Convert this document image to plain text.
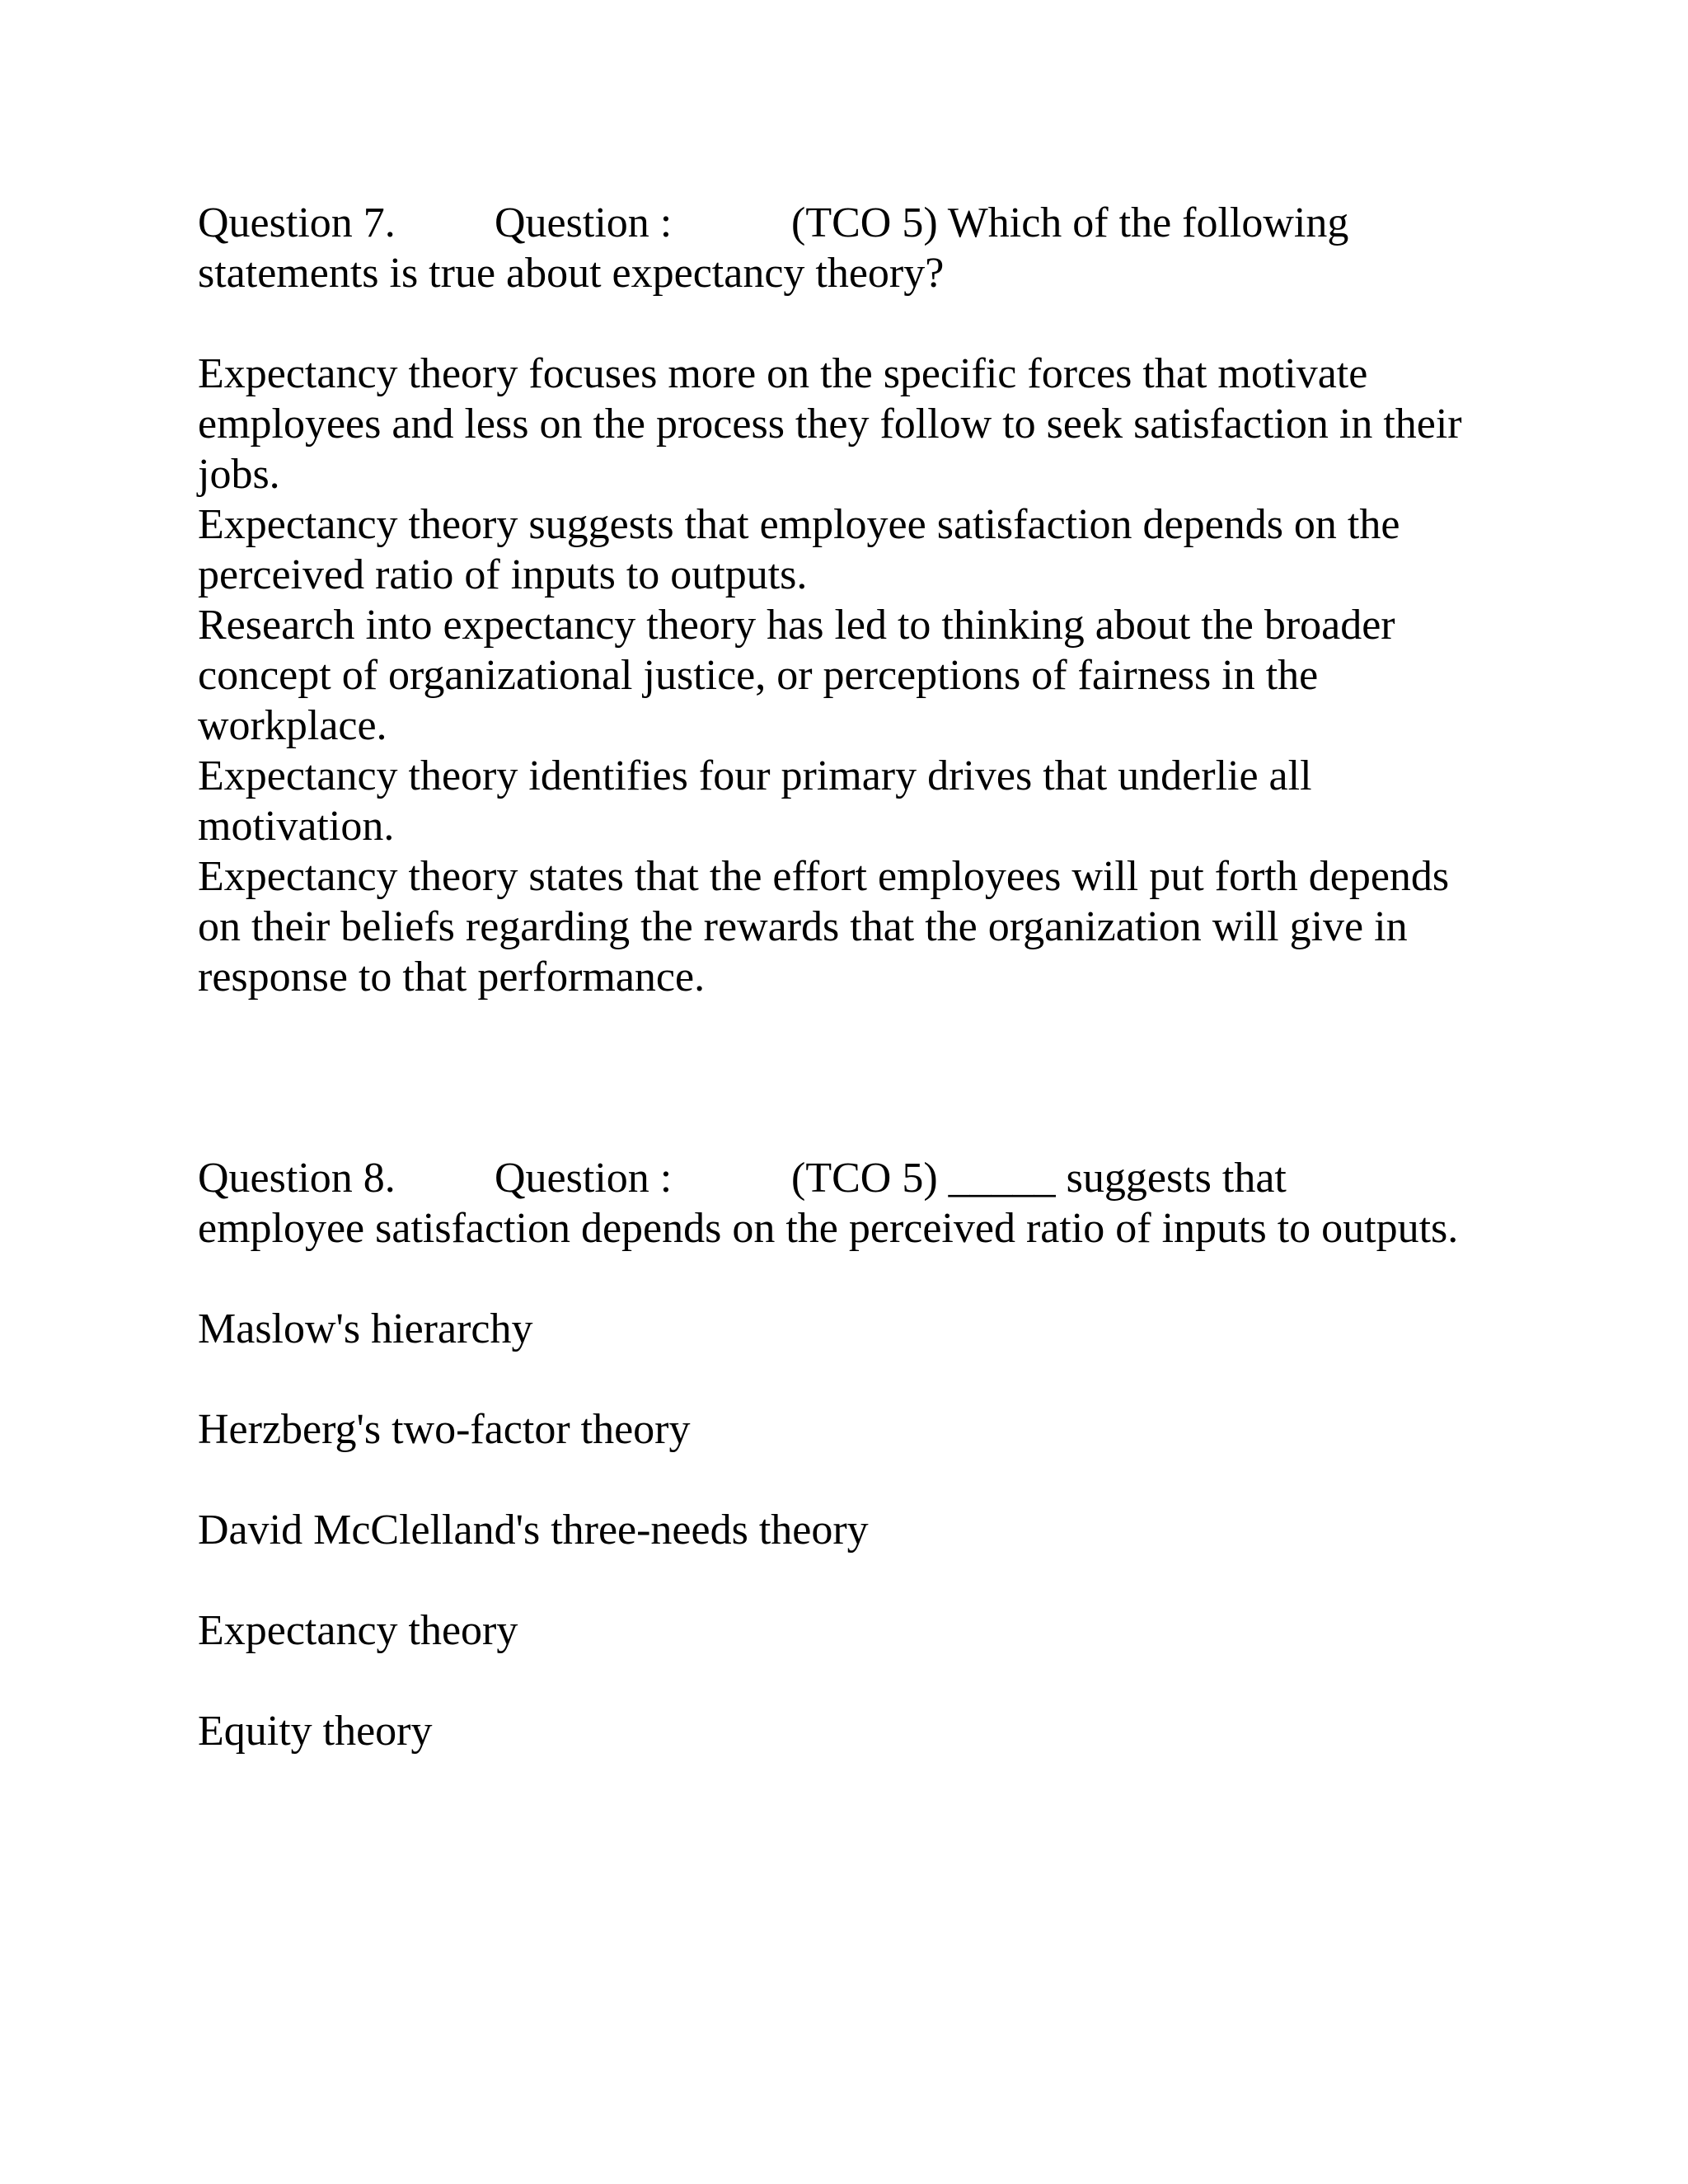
Question 7. Question :	(TCO 5) Which of the following

statements is true about expectancy theory?

Expectancy theory focuses more on the specific forces that motivate employees and less on the process they follow to seek satisfaction in their jobs.

Expectancy theory suggests that employee satisfaction depends on the perceived ratio of inputs to outputs.

Research into expectancy theory has led to thinking about the broader concept of organizational justice, or perceptions of fairness in the workplace.

Expectancy theory identifies four primary drives that underlie all motivation.

Expectancy theory states that the effort employees will put forth depends on their beliefs regarding the rewards that the organization will give in response to that performance.

Question 8. Question :	(TCO 5) _____ suggests that

employee satisfaction depends on the perceived ratio of inputs to outputs.

Maslow's hierarchy

Herzberg's two-factor theory

David McClelland's three-needs theory

Expectancy theory

Equity theory
